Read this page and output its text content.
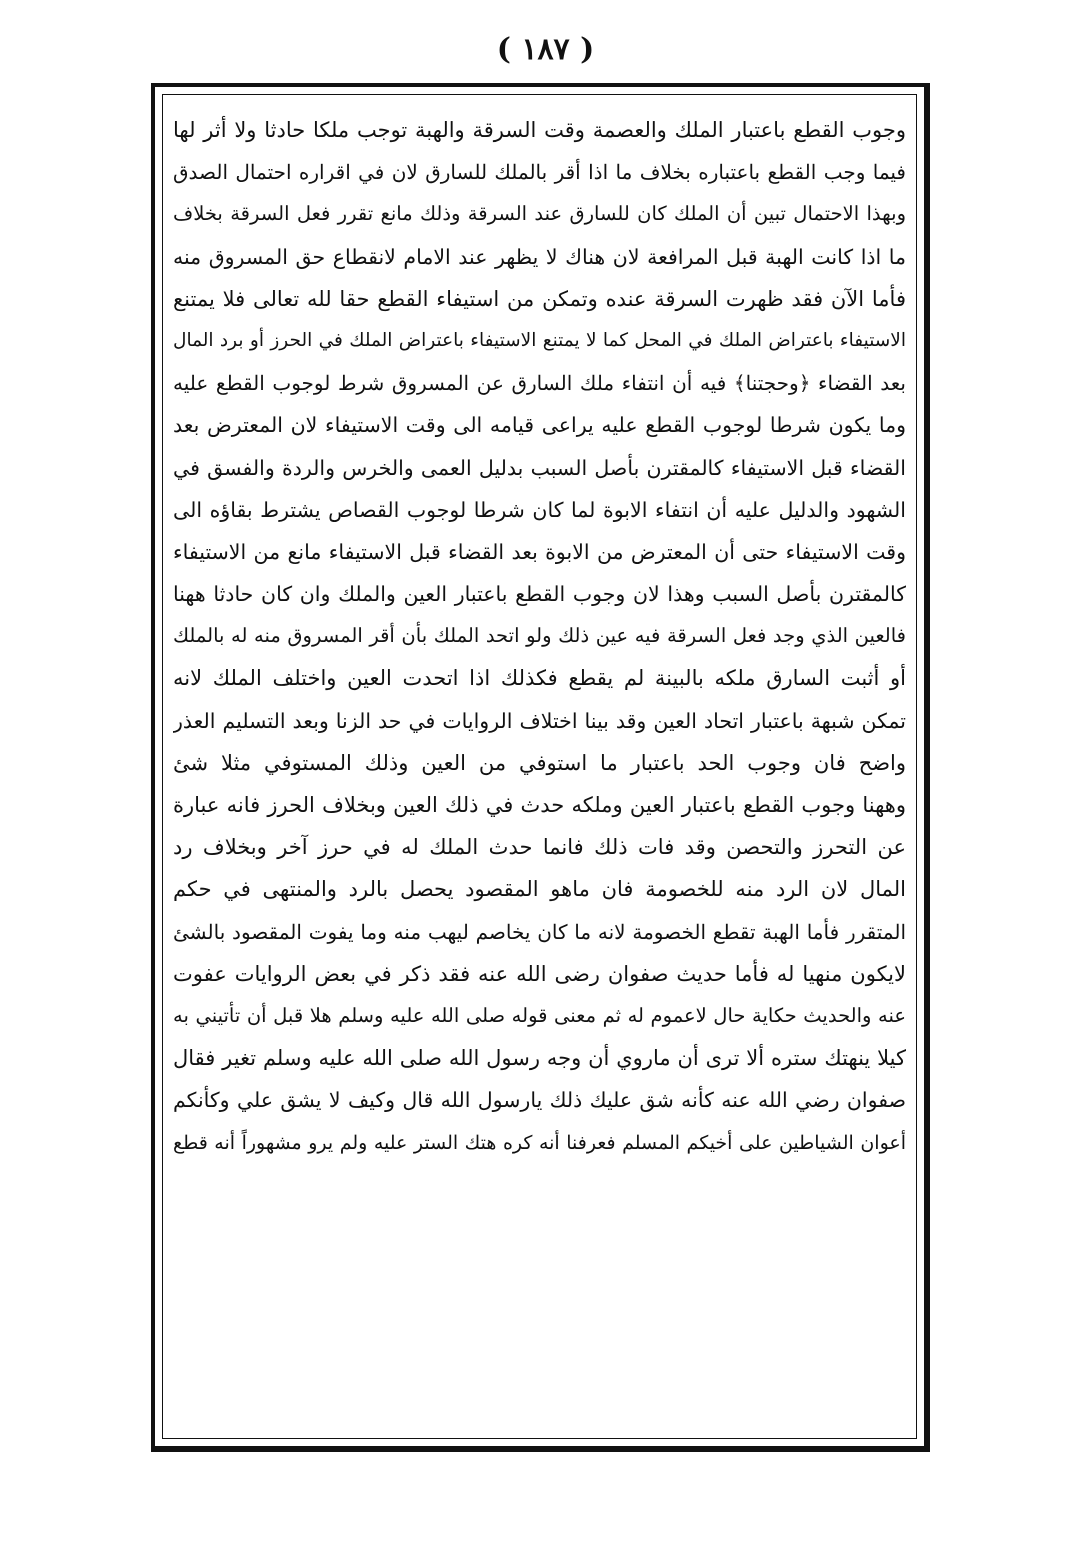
( ١٨٧ )
وجوب القطع باعتبار الملك والعصمة وقت السرقة والهبة توجب ملكا حادثا ولا أثر لها
فيما وجب القطع باعتباره بخلاف ما اذا أقر بالملك للسارق لان في اقراره احتمال الصدق
وبهذا الاحتمال تبين أن الملك كان للسارق عند السرقة وذلك مانع تقرر فعل السرقة بخلاف
ما اذا كانت الهبة قبل المرافعة لان هناك لا يظهر عند الامام لانقطاع حق المسروق منه
فأما الآن فقد ظهرت السرقة عنده وتمكن من استيفاء القطع حقا لله تعالى فلا يمتنع
الاستيفاء باعتراض الملك في المحل كما لا يمتنع الاستيفاء باعتراض الملك في الحرز أو برد المال
بعد القضاء ﴿وحجتنا﴾ فيه أن انتفاء ملك السارق عن المسروق شرط لوجوب القطع عليه
وما يكون شرطا لوجوب القطع عليه يراعى قيامه الى وقت الاستيفاء لان المعترض بعد
القضاء قبل الاستيفاء كالمقترن بأصل السبب بدليل العمى والخرس والردة والفسق في
الشهود والدليل عليه أن انتفاء الابوة لما كان شرطا لوجوب القصاص يشترط بقاؤه الى
وقت الاستيفاء حتى أن المعترض من الابوة بعد القضاء قبل الاستيفاء مانع من الاستيفاء
كالمقترن بأصل السبب وهذا لان وجوب القطع باعتبار العين والملك وان كان حادثا ههنا
فالعين الذي وجد فعل السرقة فيه عين ذلك ولو اتحد الملك بأن أقر المسروق منه له بالملك
أو أثبت السارق ملكه بالبينة لم يقطع فكذلك اذا اتحدت العين واختلف الملك لانه
تمكن شبهة باعتبار اتحاد العين وقد بينا اختلاف الروايات في حد الزنا وبعد التسليم العذر
واضح فان وجوب الحد باعتبار ما استوفي من العين وذلك المستوفي مثلا شئ
وههنا وجوب القطع باعتبار العين وملكه حدث في ذلك العين وبخلاف الحرز فانه عبارة
عن التحرز والتحصن وقد فات ذلك فانما حدث الملك له في حرز آخر وبخلاف رد
المال لان الرد منه للخصومة فان ماهو المقصود يحصل بالرد والمنتهى في حكم
المتقرر فأما الهبة تقطع الخصومة لانه ما كان يخاصم ليهب منه وما يفوت المقصود بالشئ
لايكون منهيا له فأما حديث صفوان رضى الله عنه فقد ذكر في بعض الروايات عفوت
عنه والحديث حكاية حال لاعموم له ثم معنى قوله صلى الله عليه وسلم هلا قبل أن تأتيني به
كيلا ينهتك ستره ألا ترى أن ماروي أن وجه رسول الله صلى الله عليه وسلم تغير فقال
صفوان رضي الله عنه كأنه شق عليك ذلك يارسول الله قال وكيف لا يشق علي وكأنكم
أعوان الشياطين على أخيكم المسلم فعرفنا أنه كره هتك الستر عليه ولم يرو مشهوراً أنه قطع
